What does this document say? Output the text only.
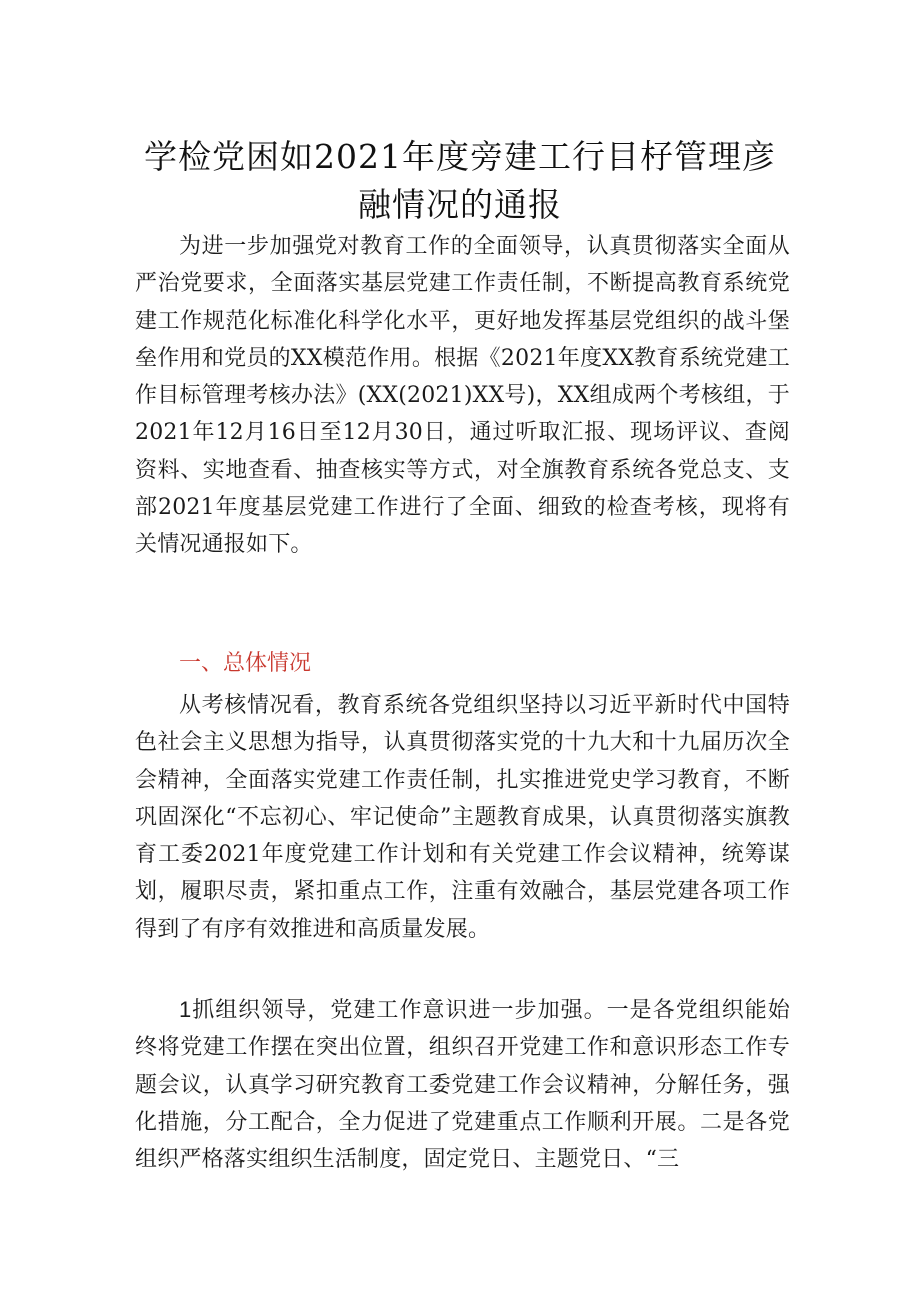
学检党困如2021年度旁建工行目杍管理彦
融情况的通报

为进一步加强党对教育工作的全面领导，认真贯彻落实全面从严治党要求，全面落实基层党建工作责任制，不断提高教育系统党建工作规范化标准化科学化水平，更好地发挥基层党组织的战斗堡垒作用和党员的XX模范作用。根据《2021年度XX教育系统党建工作目标管理考核办法》(XX(2021)XX号)，XX组成两个考核组，于2021年12月16日至12月30日，通过听取汇报、现场评议、查阅资料、实地查看、抽查核实等方式，对全旗教育系统各党总支、支部2021年度基层党建工作进行了全面、细致的检查考核，现将有关情况通报如下。

一、总体情况

从考核情况看，教育系统各党组织坚持以习近平新时代中国特色社会主义思想为指导，认真贯彻落实党的十九大和十九届历次全会精神，全面落实党建工作责任制，扎实推进党史学习教育，不断巩固深化“不忘初心、牢记使命”主题教育成果，认真贯彻落实旗教育工委2021年度党建工作计划和有关党建工作会议精神，统筹谋划，履职尽责，紧扣重点工作，注重有效融合，基层党建各项工作得到了有序有效推进和高质量发展。

1抓组织领导，党建工作意识进一步加强。一是各党组织能始终将党建工作摆在突出位置，组织召开党建工作和意识形态工作专题会议，认真学习研究教育工委党建工作会议精神，分解任务，强化措施，分工配合，全力促进了党建重点工作顺利开展。二是各党组织严格落实组织生活制度，固定党日、主题党日、“三
